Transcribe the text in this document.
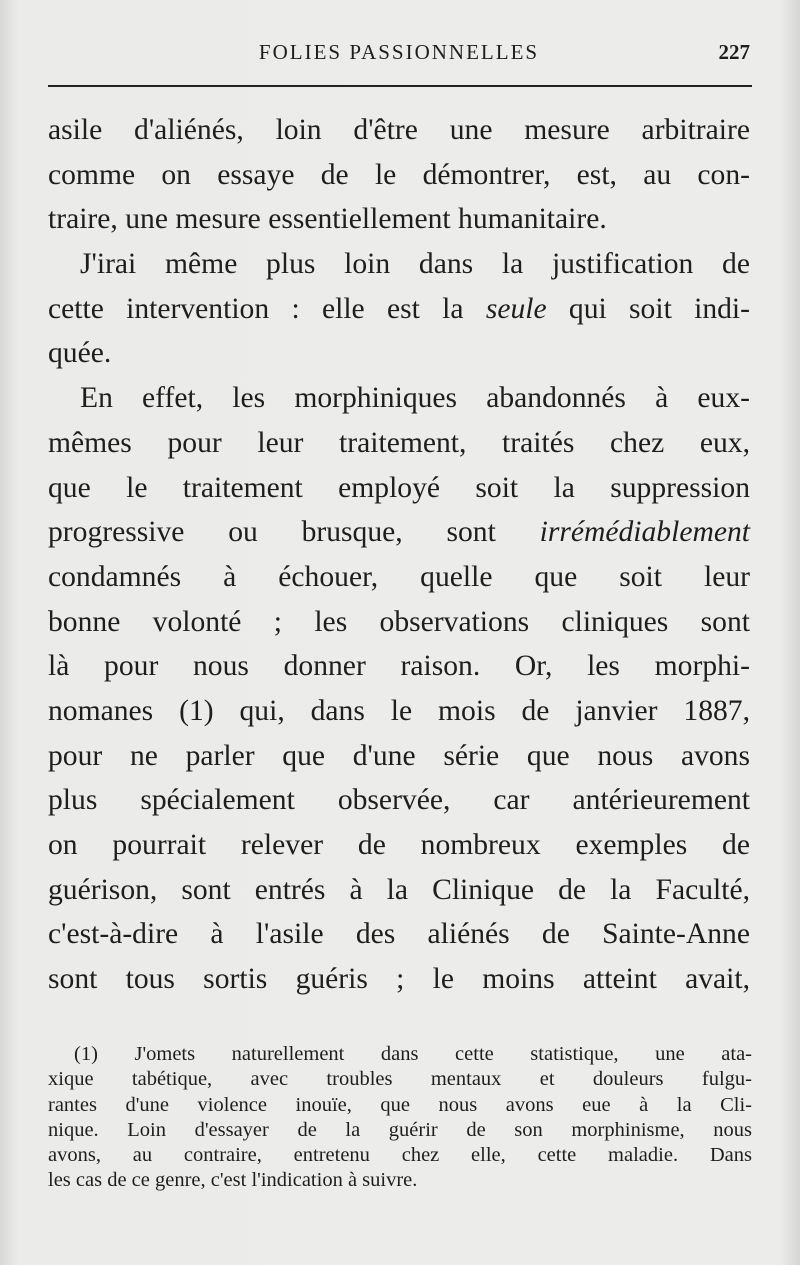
FOLIES PASSIONNELLES	227
asile d'aliénés, loin d'être une mesure arbitraire
comme on essaye de le démontrer, est, au con-
traire, une mesure essentiellement humanitaire.
J'irai même plus loin dans la justification de
cette intervention : elle est la seule qui soit indi-
quée.
En effet, les morphiniques abandonnés à eux-
mêmes pour leur traitement, traités chez eux,
que le traitement employé soit la suppression
progressive ou brusque, sont irrémédiablement
condamnés à échouer, quelle que soit leur
bonne volonté ; les observations cliniques sont
là pour nous donner raison. Or, les morphi-
nomanes (1) qui, dans le mois de janvier 1887,
pour ne parler que d'une série que nous avons
plus spécialement observée, car antérieurement
on pourrait relever de nombreux exemples de
guérison, sont entrés à la Clinique de la Faculté,
c'est-à-dire à l'asile des aliénés de Sainte-Anne
sont tous sortis guéris ; le moins atteint avait,
(1) J'omets naturellement dans cette statistique, une ata-
xique tabétique, avec troubles mentaux et douleurs fulgu-
rantes d'une violence inouïe, que nous avons eue à la Cli-
nique. Loin d'essayer de la guérir de son morphinisme, nous
avons, au contraire, entretenu chez elle, cette maladie. Dans
les cas de ce genre, c'est l'indication à suivre.
